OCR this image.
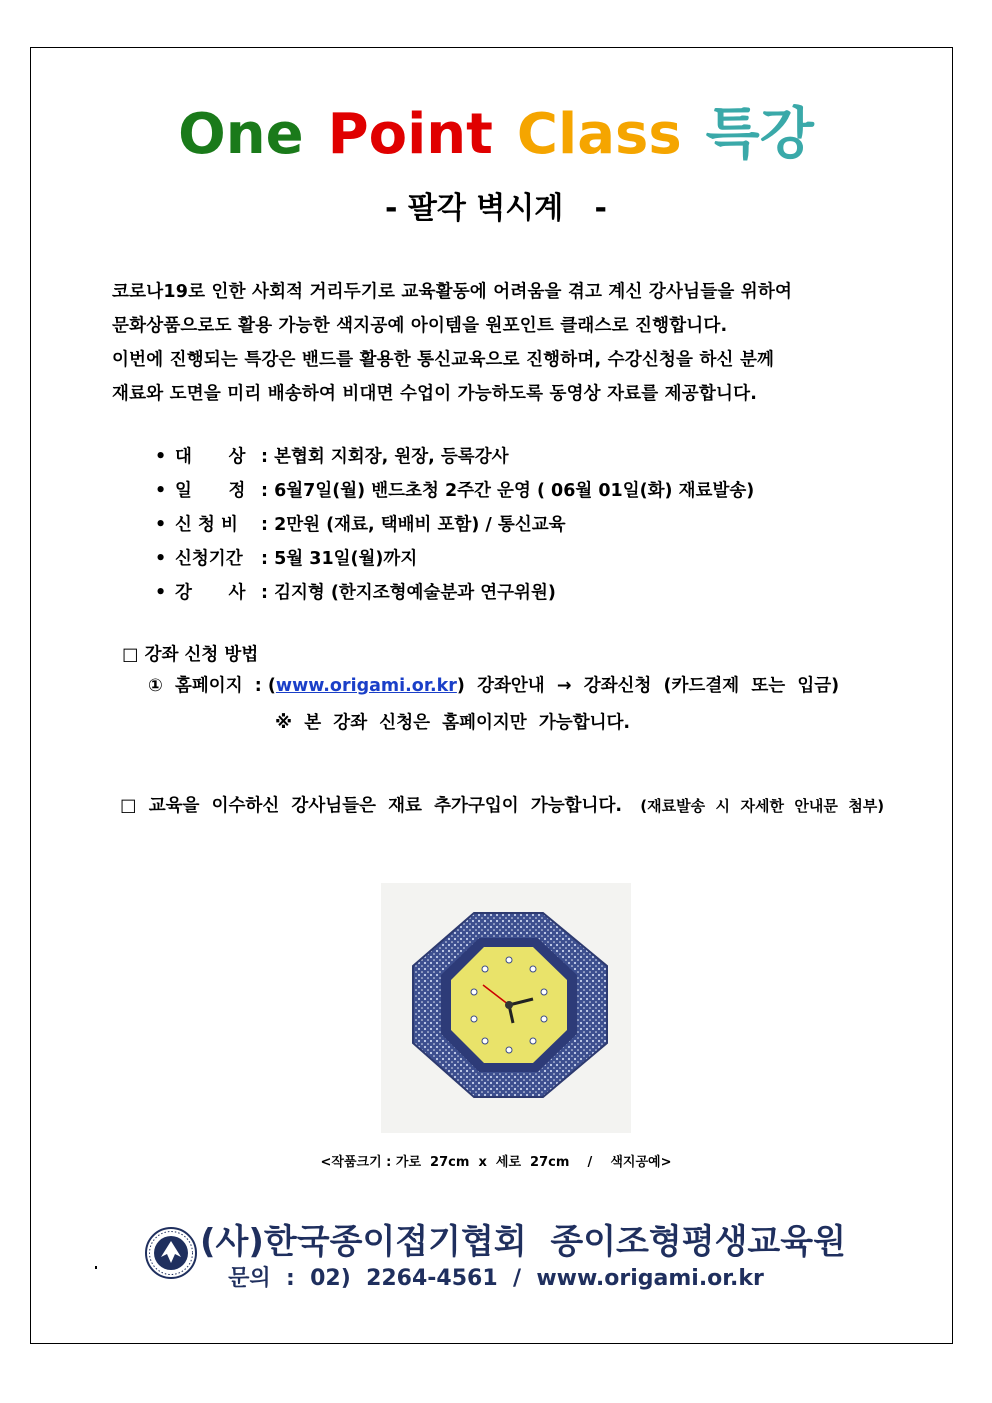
One Point Class 특강
- 팔각 벽시계   -

코로나19로 인한 사회적 거리두기로 교육활동에 어려움을 겪고 계신 강사님들을 위하여

문화상품으로도 활용 가능한 색지공예 아이템을 원포인트 클래스로 진행합니다.

이번에 진행되는 특강은 밴드를 활용한 통신교육으로 진행하며, 수강신청을 하신 분께

재료와 도면을 미리 배송하여 비대면 수업이 가능하도록 동영상 자료를 제공합니다.

• 대      상 : 본협회 지회장, 원장, 등록강사
• 일      정 : 6월7일(월) 밴드초청 2주간 운영 ( 06월 01일(화) 재료발송)
• 신 청 비	: 2만원 (재료, 택배비 포함) / 통신교육
• 신청기간	: 5월 31일(월)까지
• 강      사 : 김지형 (한지조형예술분과 연구위원)
□ 강좌 신청 방법
①  홈페이지  : (www.origami.or.kr)  강좌안내  →  강좌신청  (카드결제  또는  입금)
※  본  강좌  신청은  홈페이지만  가능합니다.
□  교육을  이수하신  강사님들은  재료  추가구입이  가능합니다. (재료발송  시  자세한  안내문  첨부)
<작품크기 : 가로  27cm  x  세로  27cm    /    색지공예>
(사)한국종이접기협회  종이조형평생교육원
문의  :  02)  2264-4561  /  www.origami.or.kr
